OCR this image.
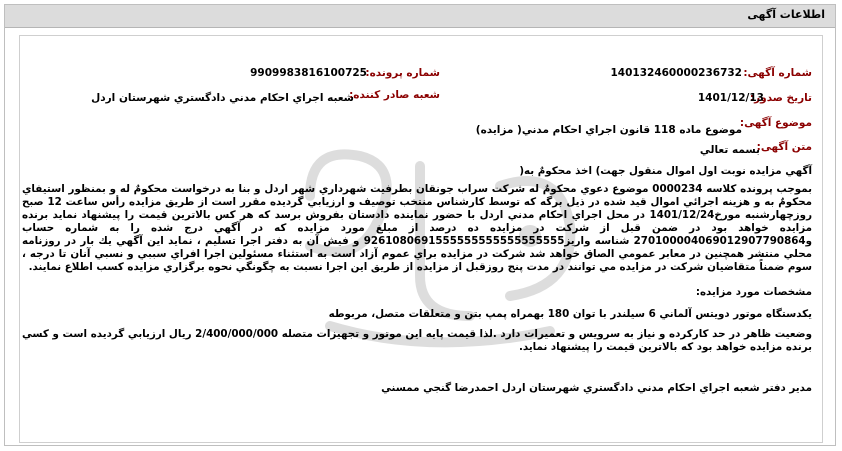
اطلاعات آگهی
شماره آگهی:
140132460000236732
شماره پرونده:
9909983816100725
تاریخ صدور:
1401/12/13
شعبه صادر کننده:
شعبه اجراي احكام مدني دادگستري شهرستان اردل
موضوع آگهی:
موضوع ماده 118 قانون اجراي احكام مدني( مزايده)
متن آگهی:
بسمه تعالي
آگهي مزايده نوبت اول اموال منقول جهت) اخذ محكومٌ به(
بموجب پرونده كلاسه 0000234 موضوع دعوي محكومٌ له شركت سراب جونقان بطرفيت شهرداري شهر اردل و بنا به درخواست محكومٌ له و بمنظور استيفاي محكومٌ به و هزينه اجرائي اموال قيد شده در ذيل برگه كه توسط كارشناس منتخب توصيف و ارزيابي گرديده مقرر است از طريق مزايده رأس ساعت 12 صبح روزچهارشنبه مورخ1401/12/24 در محل اجراي احكام مدني اردل با حضور نماينده دادستان بفروش برسد كه هر كس بالاترين قيمت را پيشنهاد نمايد برنده مزايده خواهد بود در ضمن قبل از شركت در مزايده ده درصد از مبلغ مورد مزايده كه در آگهي درج شده را به شماره حساب و270100004069012907790864 شناسه واريز9261080691555555555555555555 و فيش آن به دفتر اجرا تسليم ، نمايد اين آگهي يك بار در روزنامه محلي منتشر همچنين در معابر عمومي الصاق خواهد شد شركت در مزايده براي عموم آزاد است به استثناء مسئولين اجرا افراي سببي و نسبي آنان تا درجه ، سوم ضمناً متقاضيان شركت در مزايده مي توانند در مدت پنج روزقبل از مزايده از طريق اين اجرا نسبت به چگونگي نحوه برگزاري مزايده كسب اطلاع نمايند.
مشخصات مورد مزايده:
يكدستگاه موتور دويتس آلماني 6 سيلندر با توان 180 بهمراه پمپ بتن و متعلقات متصل، مربوطه
وضعيت ظاهر در حد كاركرده و نياز به سرويس و تعميرات دارد .لذا قيمت پايه اين موتور و تجهيزات متصله 2/400/000/000 ريال ارزيابي گرديده است و كسي برنده مزايده خواهد بود كه بالاترين قيمت را پيشنهاد نمايد.
مدير دفتر شعبه اجراي احكام مدني دادگستري شهرستان اردل احمدرضا گنجي ممسني
